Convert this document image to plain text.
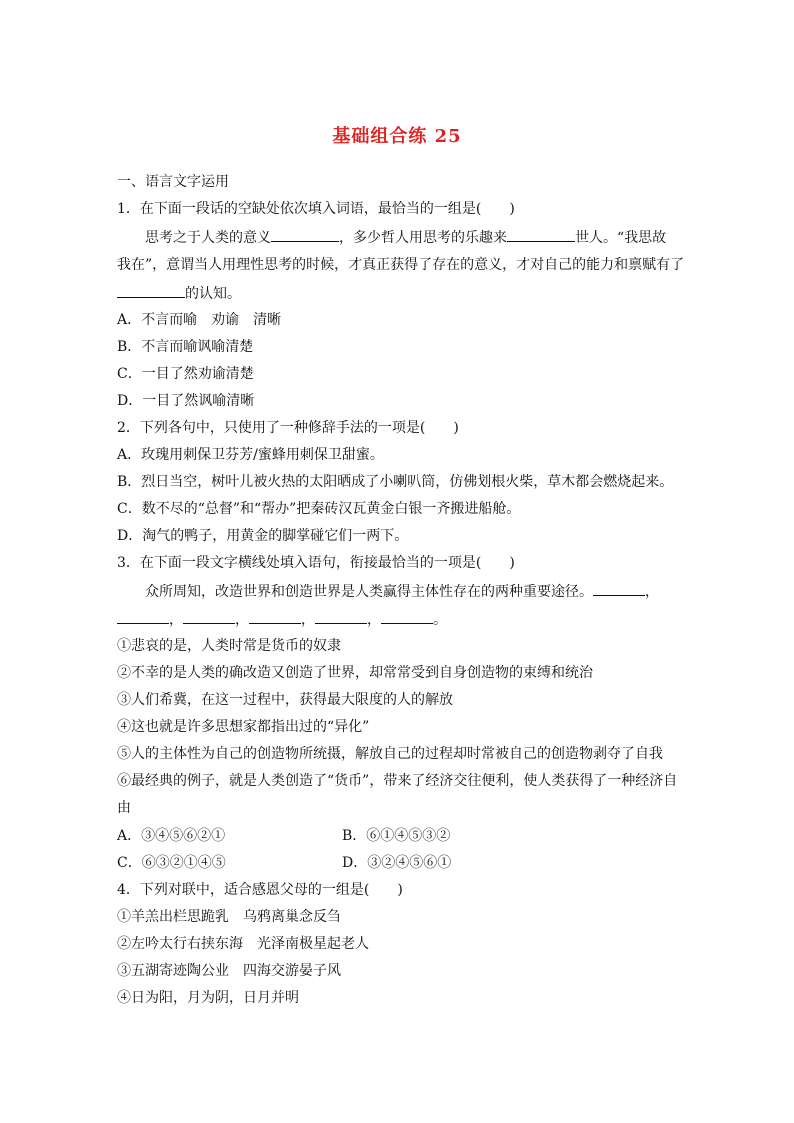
基础组合练 25
一、语言文字运用
1．在下面一段话的空缺处依次填入词语，最恰当的一组是(　　)
思考之于人类的意义	，多少哲人用思考的乐趣来	世人。“我思故
我在”，意谓当人用理性思考的时候，才真正获得了存在的意义，才对自己的能力和禀赋有了
的认知。
A．不言而喻　劝谕　清晰
B．不言而喻讽喻清楚
C．一目了然劝谕清楚
D．一目了然讽喻清晰
2．下列各句中，只使用了一种修辞手法的一项是(　　)
A．玫瑰用刺保卫芬芳/蜜蜂用刺保卫甜蜜。
B．烈日当空，树叶儿被火热的太阳晒成了小喇叭筒，仿佛划根火柴，草木都会燃烧起来。
C．数不尽的“总督”和“帮办”把秦砖汉瓦黄金白银一齐搬进船舱。
D．淘气的鸭子，用黄金的脚掌碰它们一两下。
3．在下面一段文字横线处填入语句，衔接最恰当的一项是(　　)
众所周知，改造世界和创造世界是人类赢得主体性存在的两种重要途径。	，
，	，	，	，	。
①悲哀的是，人类时常是货币的奴隶
②不幸的是人类的确改造又创造了世界，却常常受到自身创造物的束缚和统治
③人们希冀，在这一过程中，获得最大限度的人的解放
④这也就是许多思想家都指出过的“异化”
⑤人的主体性为自己的创造物所统摄，解放自己的过程却时常被自己的创造物剥夺了自我
⑥最经典的例子，就是人类创造了“货币”，带来了经济交往便利，使人类获得了一种经济自
由
A．③④⑤⑥②①	B．⑥①④⑤③②
C．⑥③②①④⑤	D．③②④⑤⑥①
4．下列对联中，适合感恩父母的一组是(　　)
①羊羔出栏思跪乳　乌鸦离巢念反刍
②左吟太行右挟东海　光泽南极星起老人
③五湖寄迹陶公业　四海交游晏子风
④日为阳，月为阴，日月并明
